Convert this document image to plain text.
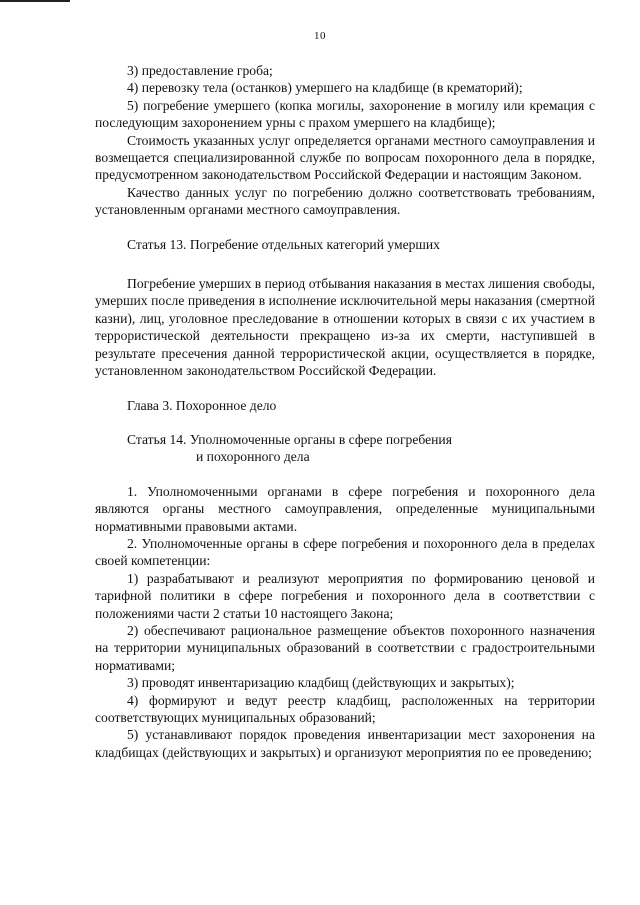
10

3) предоставление гроба;

4) перевозку тела (останков) умершего на кладбище (в крематорий);

5) погребение умершего (копка могилы, захоронение в могилу или кремация с последующим захоронением урны с прахом умершего на кладбище);

Стоимость указанных услуг определяется органами местного самоуправления и возмещается специализированной службе по вопросам похоронного дела в порядке, предусмотренном законодательством Российской Федерации и настоящим Законом.

Качество данных услуг по погребению должно соответствовать требованиям, установленным органами местного самоуправления.

Статья 13. Погребение отдельных категорий умерших

Погребение умерших в период отбывания наказания в местах лишения свободы, умерших после приведения в исполнение исключительной меры наказания (смертной казни), лиц, уголовное преследование в отношении которых в связи с их участием в террористической деятельности прекращено из-за их смерти, наступившей в результате пресечения данной террористической акции, осуществляется в порядке, установленном законодательством Российской Федерации.

Глава 3. Похоронное дело

Статья 14. Уполномоченные органы в сфере погребения

и похоронного дела

1. Уполномоченными органами в сфере погребения и похоронного дела являются органы местного самоуправления, определенные муниципальными нормативными правовыми актами.

2. Уполномоченные органы в сфере погребения и похоронного дела в пределах своей компетенции:

1) разрабатывают и реализуют мероприятия по формированию ценовой и тарифной политики в сфере погребения и похоронного дела в соответствии с положениями части 2 статьи 10 настоящего Закона;

2) обеспечивают рациональное размещение объектов похоронного назначения на территории муниципальных образований в соответствии с градостроительными нормативами;

3) проводят инвентаризацию кладбищ (действующих и закрытых);

4) формируют и ведут реестр кладбищ, расположенных на территории соответствующих муниципальных образований;

5) устанавливают порядок проведения инвентаризации мест захоронения на кладбищах (действующих и закрытых) и организуют мероприятия по ее проведению;
